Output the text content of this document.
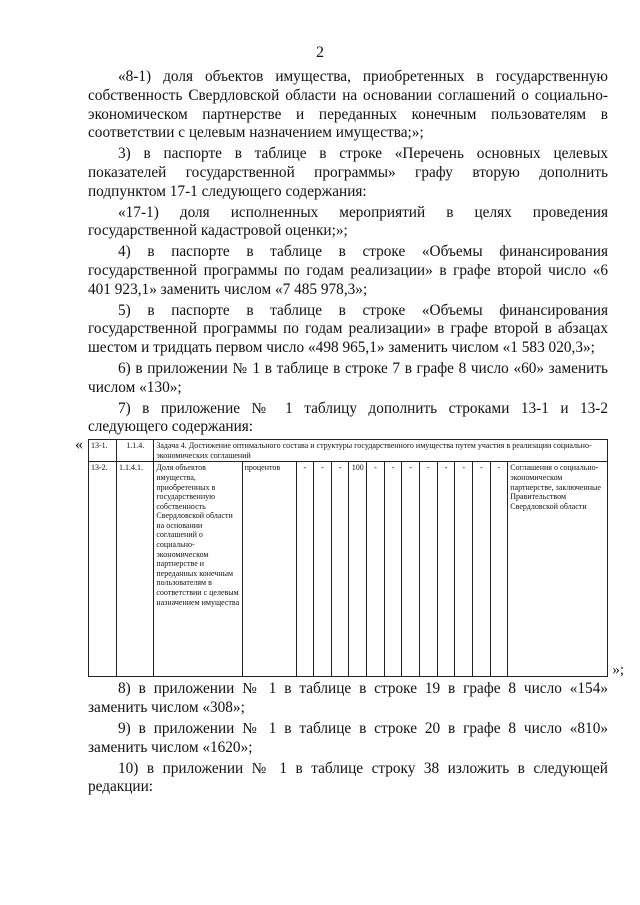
2

«8-1) доля объектов имущества, приобретенных в государственную собственность Свердловской области на основании соглашений о социально-экономическом партнерстве и переданных конечным пользователям в соответствии с целевым назначением имущества;»;

3) в паспорте в таблице в строке «Перечень основных целевых показателей государственной программы» графу вторую дополнить подпунктом 17-1 следующего содержания:

«17-1) доля исполненных мероприятий в целях проведения государственной кадастровой оценки;»;

4) в паспорте в таблице в строке «Объемы финансирования государственной программы по годам реализации» в графе второй число «6 401 923,1» заменить числом «7 485 978,3»;

5) в паспорте в таблице в строке «Объемы финансирования государственной программы по годам реализации» в графе второй в абзацах шестом и тридцать первом число «498 965,1» заменить числом «1 583 020,3»;

6) в приложении № 1 в таблице в строке 7 в графе 8 число «60» заменить числом «130»;

7) в приложение № 1 таблицу дополнить строками 13-1 и 13-2 следующего содержания:

« 13-1.	1.1.4.	Задача 4. Достижение оптимального состава и структуры государственного имущества путем участия в реализации социально-экономических соглашений														
13-2.	1.1.4.1.	Доля объектов имущества, приобретенных в государственную собственность Свердловской области на основании соглашений о социально-экономическом партнерстве и переданных конечным пользователям в соответствии с целевым назначением имущества	процентов	-	-	-	100	-	-	-	-	-	-	-	-	Соглашения о социально-экономическом партнерстве, заключенные Правительством Свердловской области
»;

8) в приложении № 1 в таблице в строке 19 в графе 8 число «154» заменить числом «308»;

9) в приложении № 1 в таблице в строке 20 в графе 8 число «810» заменить числом «1620»;

10) в приложении № 1 в таблице строку 38 изложить в следующей редакции:
